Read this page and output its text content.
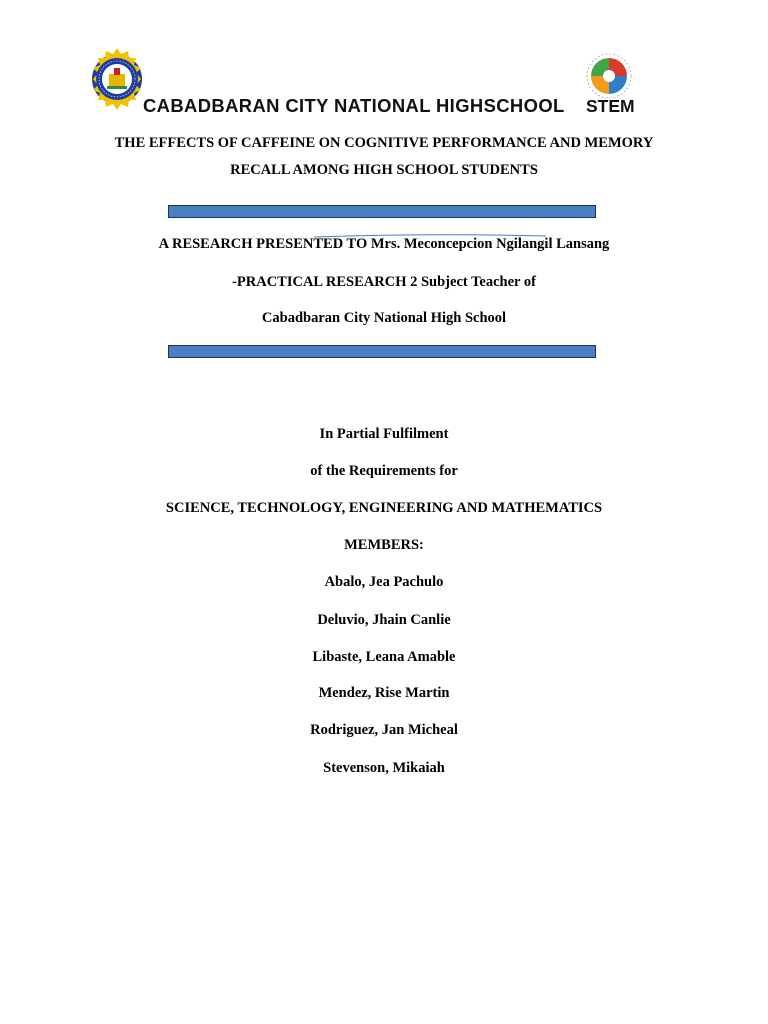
CABADBARAN CITY NATIONAL HIGHSCHOOL	STEM
THE EFFECTS OF CAFFEINE ON COGNITIVE PERFORMANCE AND MEMORY
RECALL AMONG HIGH SCHOOL STUDENTS
A RESEARCH PRESENTED TO Mrs. Meconcepcion Ngilangil Lansang
-PRACTICAL RESEARCH 2 Subject Teacher of
Cabadbaran City National High School
In Partial Fulfilment
of the Requirements for
SCIENCE, TECHNOLOGY, ENGINEERING AND MATHEMATICS
MEMBERS:
Abalo, Jea Pachulo
Deluvio, Jhain Canlie
Libaste, Leana Amable
Mendez, Rise Martin
Rodriguez, Jan Micheal
Stevenson, Mikaiah
